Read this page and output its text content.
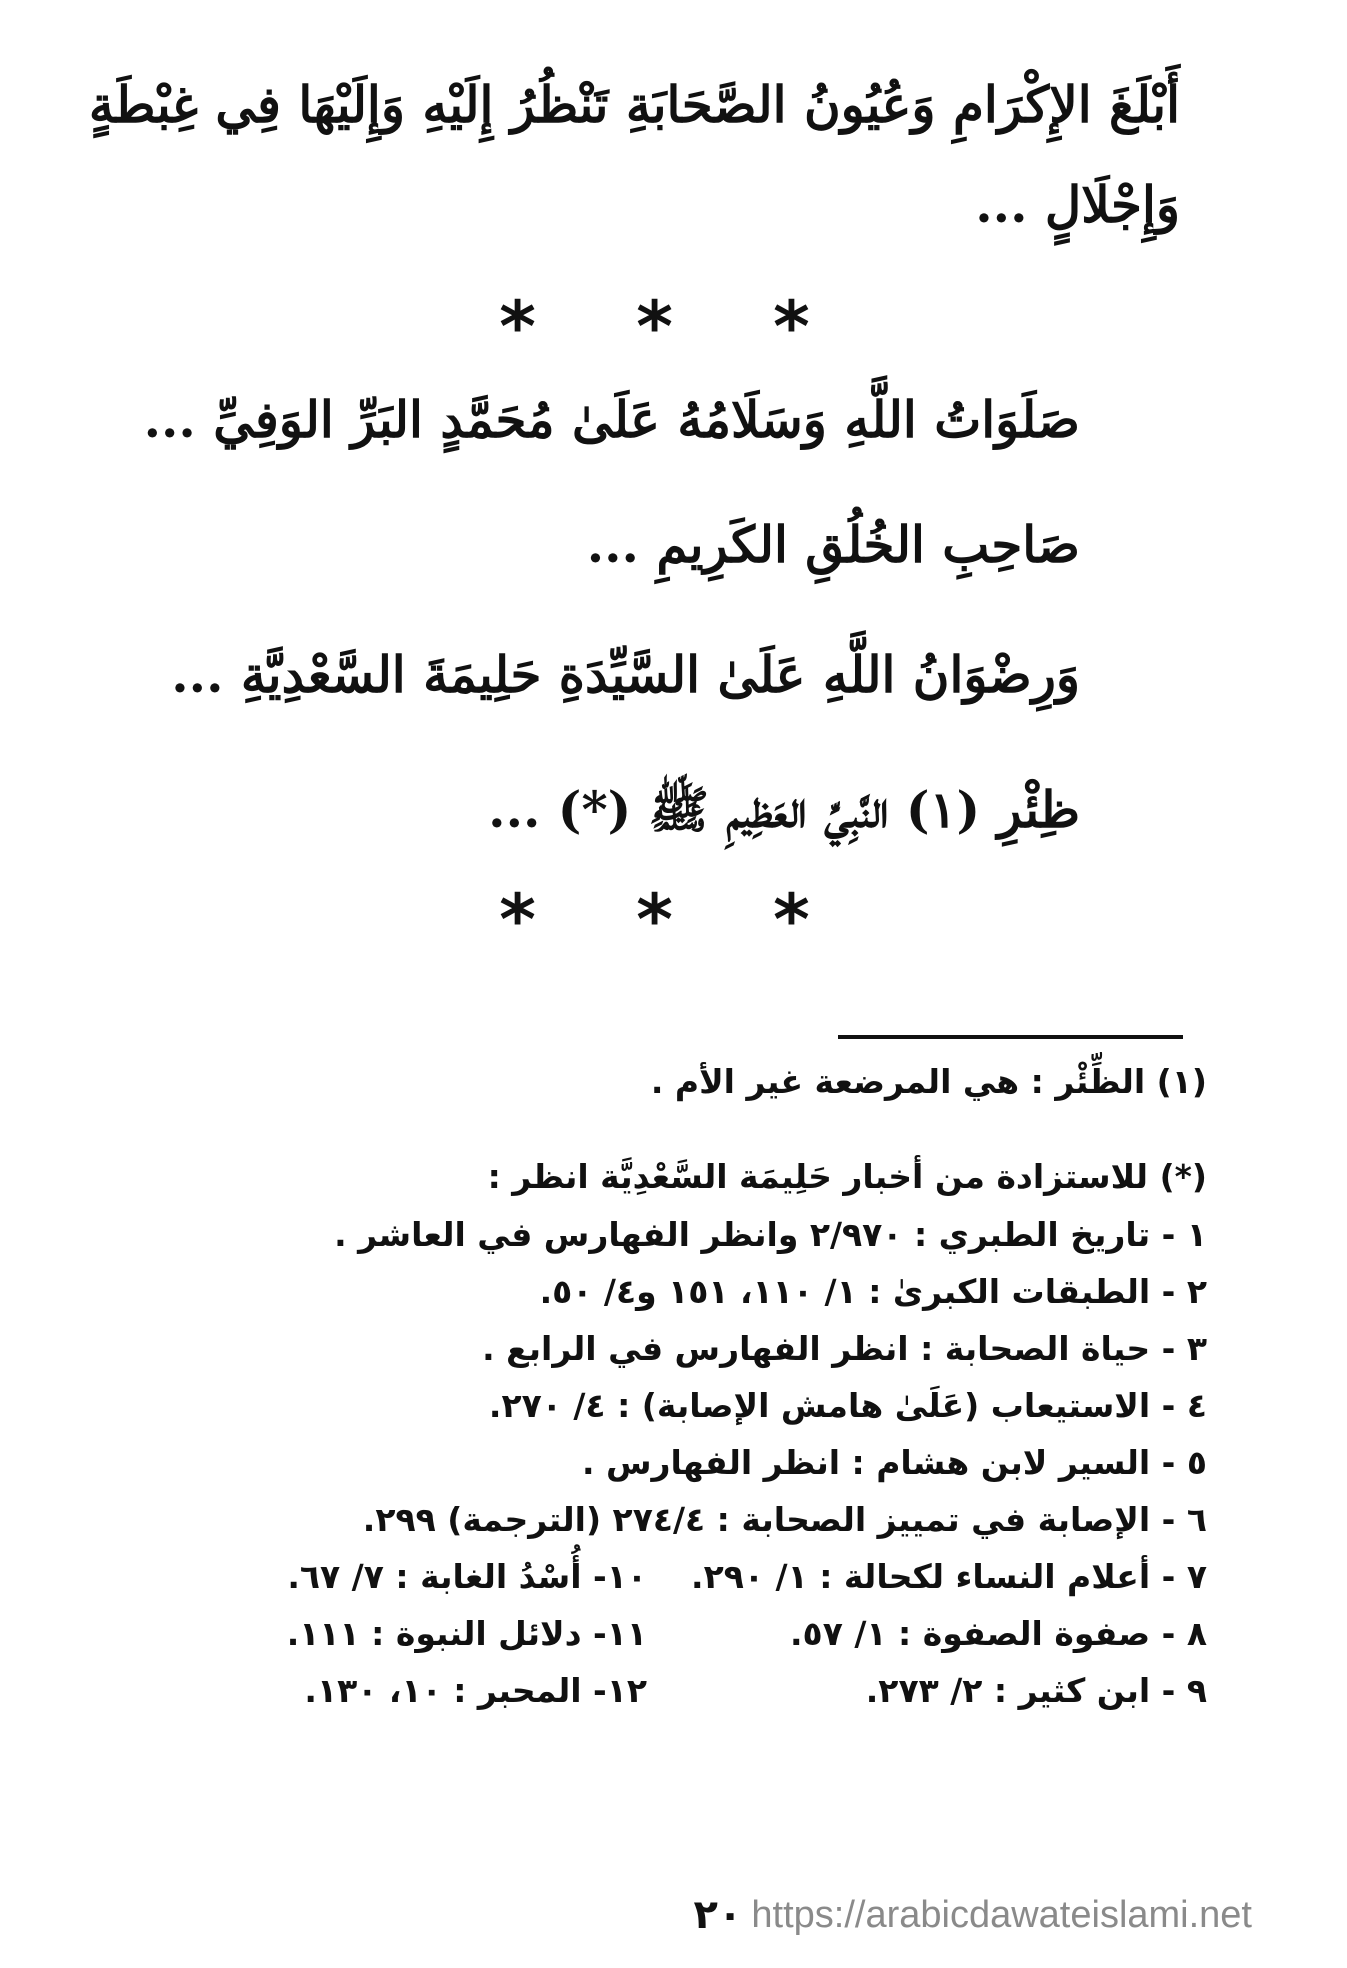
أَبْلَغَ الإِكْرَامِ وَعُيُونُ الصَّحَابَةِ تَنْظُرُ إِلَيْهِ وَإِلَيْهَا فِي غِبْطَةٍ
وَإِجْلَالٍ ...
* * *
صَلَوَاتُ اللَّهِ وَسَلَامُهُ عَلَىٰ مُحَمَّدٍ البَرِّ الوَفِيِّ ...
صَاحِبِ الخُلُقِ الكَرِيمِ ...
وَرِضْوَانُ اللَّهِ عَلَىٰ السَّيِّدَةِ حَلِيمَةَ السَّعْدِيَّةِ ...
ظِئْرِ (١) النَّبِيِّ العَظِيمِ ﷺ (*) ...
* * *
(١) الظِّئْر : هي المرضعة غير الأم .
(*) للاستزادة من أخبار حَلِيمَة السَّعْدِيَّة انظر :
١ - تاريخ الطبري : ٢/٩٧٠ وانظر الفهارس في العاشر .
٢ - الطبقات الكبرىٰ : ١/ ١١٠، ١٥١ و٤/ ٥٠.
٣ - حياة الصحابة : انظر الفهارس في الرابع .
٤ - الاستيعاب (عَلَىٰ هامش الإصابة) : ٤/ ٢٧٠.
٥ - السير لابن هشام : انظر الفهارس .
٦ - الإصابة في تمييز الصحابة : ٢٧٤/٤ (الترجمة) ٢٩٩.
٧ - أعلام النساء لكحالة : ١/ ٢٩٠.
١٠- أُسْدُ الغابة : ٧/ ٦٧.
٨ - صفوة الصفوة : ١/ ٥٧.
١١- دلائل النبوة : ١١١.
٩ - ابن كثير : ٢/ ٢٧٣.
١٢- المحبر : ١٠، ١٣٠.
٢٠ https://arabicdawateislami.net
